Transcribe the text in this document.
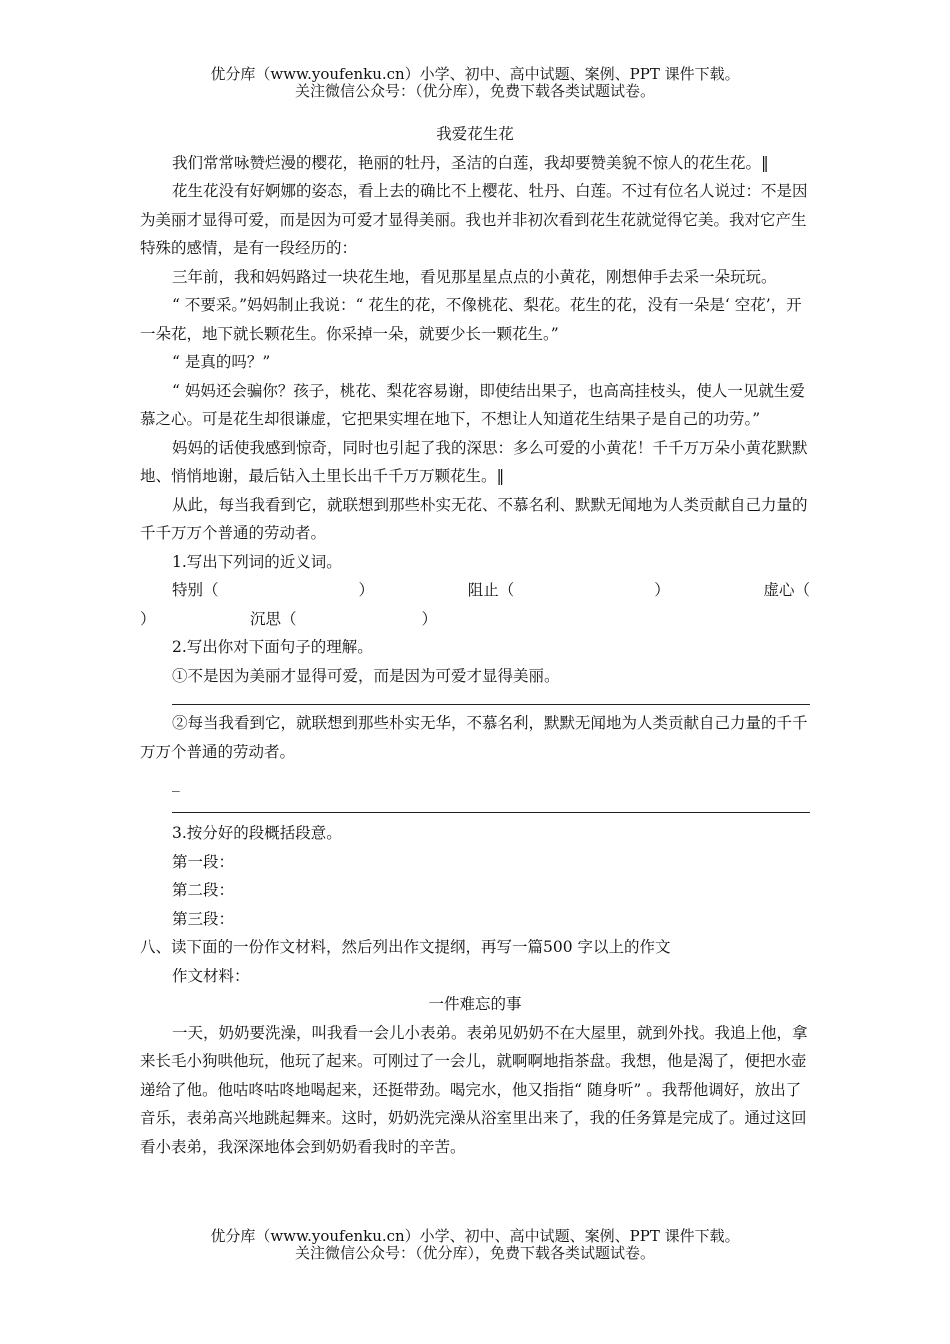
优分库（www.youfenku.cn）小学、初中、高中试题、案例、PPT 课件下载。
关注微信公众号：（优分库），免费下载各类试题试卷。

我爱花生花

我们常常咏赞烂漫的樱花，艳丽的牡丹，圣洁的白莲，我却要赞美貌不惊人的花生花。‖

花生花没有好婀娜的姿态，看上去的确比不上樱花、牡丹、白莲。不过有位名人说过：不是因为美丽才显得可爱，而是因为可爱才显得美丽。我也并非初次看到花生花就觉得它美。我对它产生特殊的感情，是有一段经历的：

三年前，我和妈妈路过一块花生地，看见那星星点点的小黄花，刚想伸手去采一朵玩玩。

“ 不要采。”妈妈制止我说：“ 花生的花，不像桃花、梨花。花生的花，没有一朵是‘ 空花’，开一朵花，地下就长颗花生。你采掉一朵，就要少长一颗花生。”

“ 是真的吗？”

“ 妈妈还会骗你？孩子，桃花、梨花容易谢，即使结出果子，也高高挂枝头，使人一见就生爱慕之心。可是花生却很谦虚，它把果实埋在地下，不想让人知道花生结果子是自己的功劳。”

妈妈的话使我感到惊奇，同时也引起了我的深思：多么可爱的小黄花！千千万万朵小黄花默默地、悄悄地谢，最后钻入土里长出千千万万颗花生。‖

从此，每当我看到它，就联想到那些朴实无花、不慕名利、默默无闻地为人类贡献自己力量的千千万万个普通的劳动者。

1.写出下列词的近义词。

特别（	）	阻止（	）	虚心（
）	沉思（	）

2.写出你对下面句子的理解。

①不是因为美丽才显得可爱，而是因为可爱才显得美丽。

②每当我看到它，就联想到那些朴实无华，不慕名利，默默无闻地为人类贡献自己力量的千千万万个普通的劳动者。

_

3.按分好的段概括段意。

第一段：

第二段：

第三段：

八、读下面的一份作文材料，然后列出作文提纲，再写一篇500 字以上的作文

作文材料：

一件难忘的事

一天，奶奶要洗澡，叫我看一会儿小表弟。表弟见奶奶不在大屋里，就到外找。我追上他，拿来长毛小狗哄他玩，他玩了起来。可刚过了一会儿，就啊啊地指茶盘。我想，他是渴了，便把水壶递给了他。他咕咚咕咚地喝起来，还挺带劲。喝完水，他又指指“ 随身听” 。我帮他调好，放出了音乐，表弟高兴地跳起舞来。这时，奶奶洗完澡从浴室里出来了，我的任务算是完成了。通过这回看小表弟，我深深地体会到奶奶看我时的辛苦。

优分库（www.youfenku.cn）小学、初中、高中试题、案例、PPT 课件下载。
关注微信公众号：（优分库），免费下载各类试题试卷。
